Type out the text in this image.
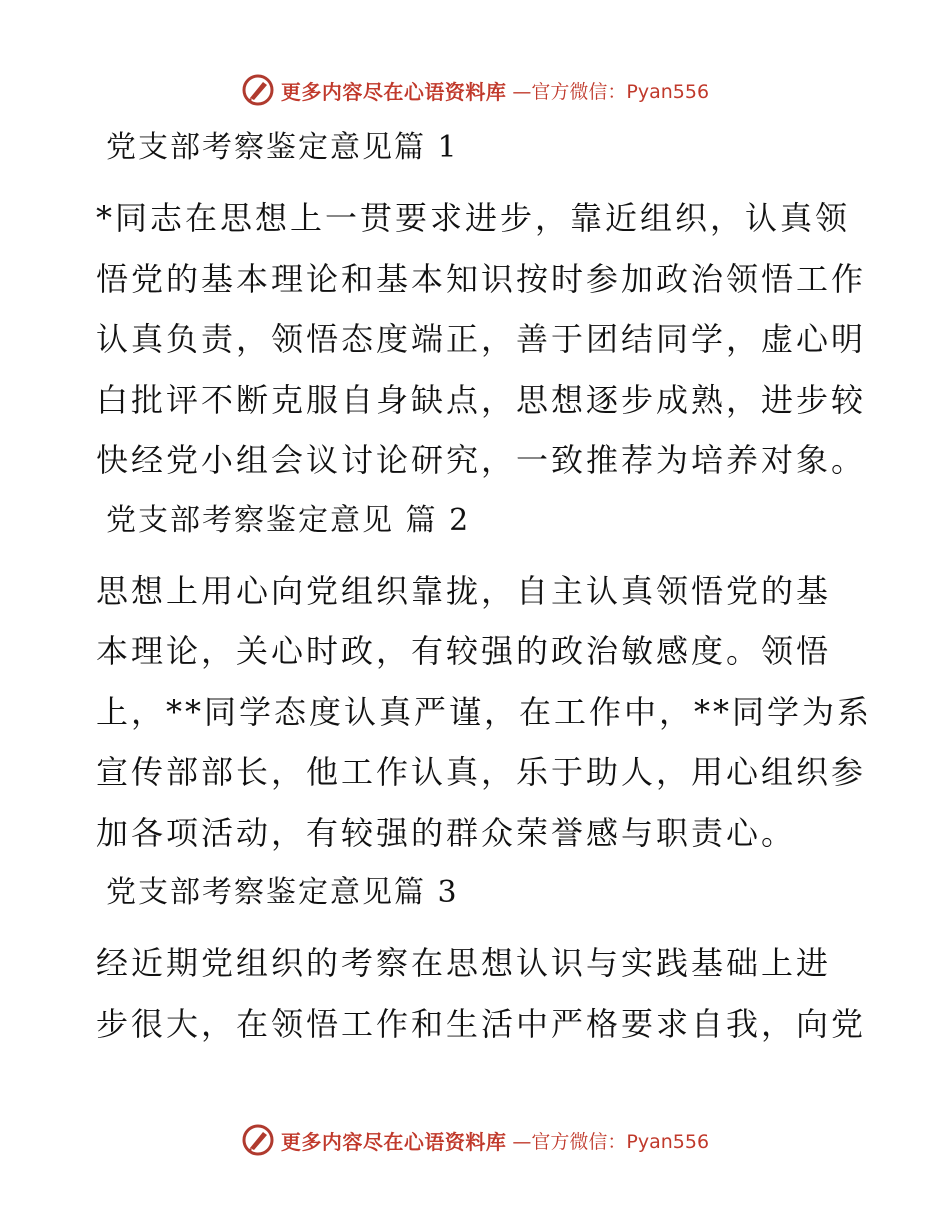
更多内容尽在心语资料库 —官方微信：Pyan556
党支部考察鉴定意见篇 1
*同志在思想上一贯要求进步，靠近组织，认真领
悟党的基本理论和基本知识按时参加政治领悟工作
认真负责，领悟态度端正，善于团结同学，虚心明
白批评不断克服自身缺点，思想逐步成熟，进步较
快经党小组会议讨论研究，一致推荐为培养对象。
党支部考察鉴定意见 篇 2
思想上用心向党组织靠拢，自主认真领悟党的基
本理论，关心时政，有较强的政治敏感度。领悟
上，**同学态度认真严谨，在工作中，**同学为系
宣传部部长，他工作认真，乐于助人，用心组织参
加各项活动，有较强的群众荣誉感与职责心。
党支部考察鉴定意见篇 3
经近期党组织的考察在思想认识与实践基础上进
步很大，在领悟工作和生活中严格要求自我，向党
更多内容尽在心语资料库 —官方微信：Pyan556
